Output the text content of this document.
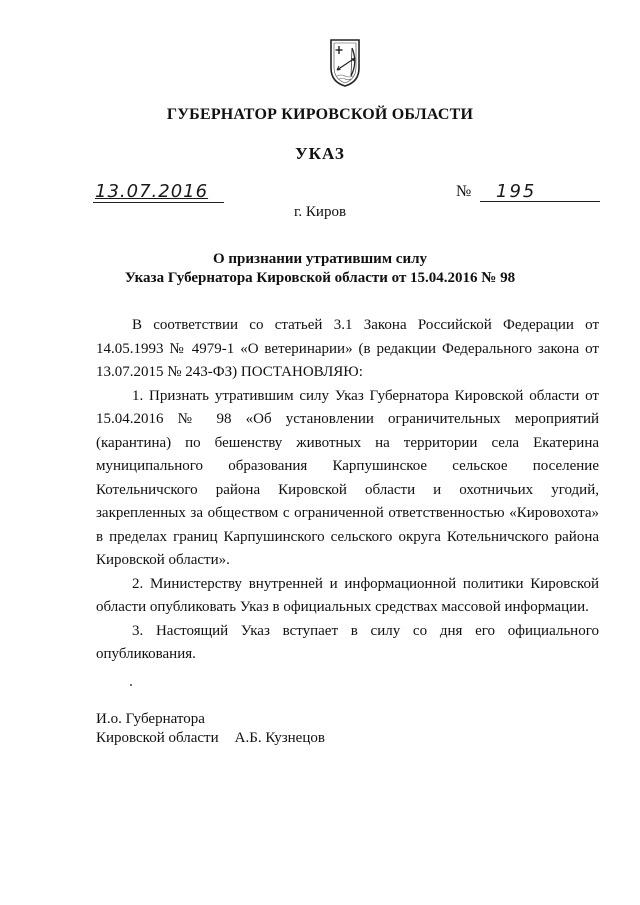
ГУБЕРНАТОР КИРОВСКОЙ ОБЛАСТИ
УКАЗ
13.07.2016	№ 195
г. Киров
О признании утратившим силу
Указа Губернатора Кировской области от 15.04.2016 № 98

В соответствии со статьей 3.1 Закона Российской Федерации от 14.05.1993 № 4979-1 «О ветеринарии» (в редакции Федерального закона от 13.07.2015 № 243-ФЗ) ПОСТАНОВЛЯЮ:

1. Признать утратившим силу Указ Губернатора Кировской области от 15.04.2016 № 98 «Об установлении ограничительных мероприятий (карантина) по бешенству животных на территории села Екатерина муниципального образования Карпушинское сельское поселение Котельничского района Кировской области и охотничьих угодий, закрепленных за обществом с ограниченной ответственностью «Кировохота» в пределах границ Карпушинского сельского округа Котельничского района Кировской области».

2. Министерству внутренней и информационной политики Кировской области опубликовать Указ в официальных средствах массовой информации.

3. Настоящий Указ вступает в силу со дня его официального опубликования.

И.о. Губернатора
Кировской области А.Б. Кузнецов
